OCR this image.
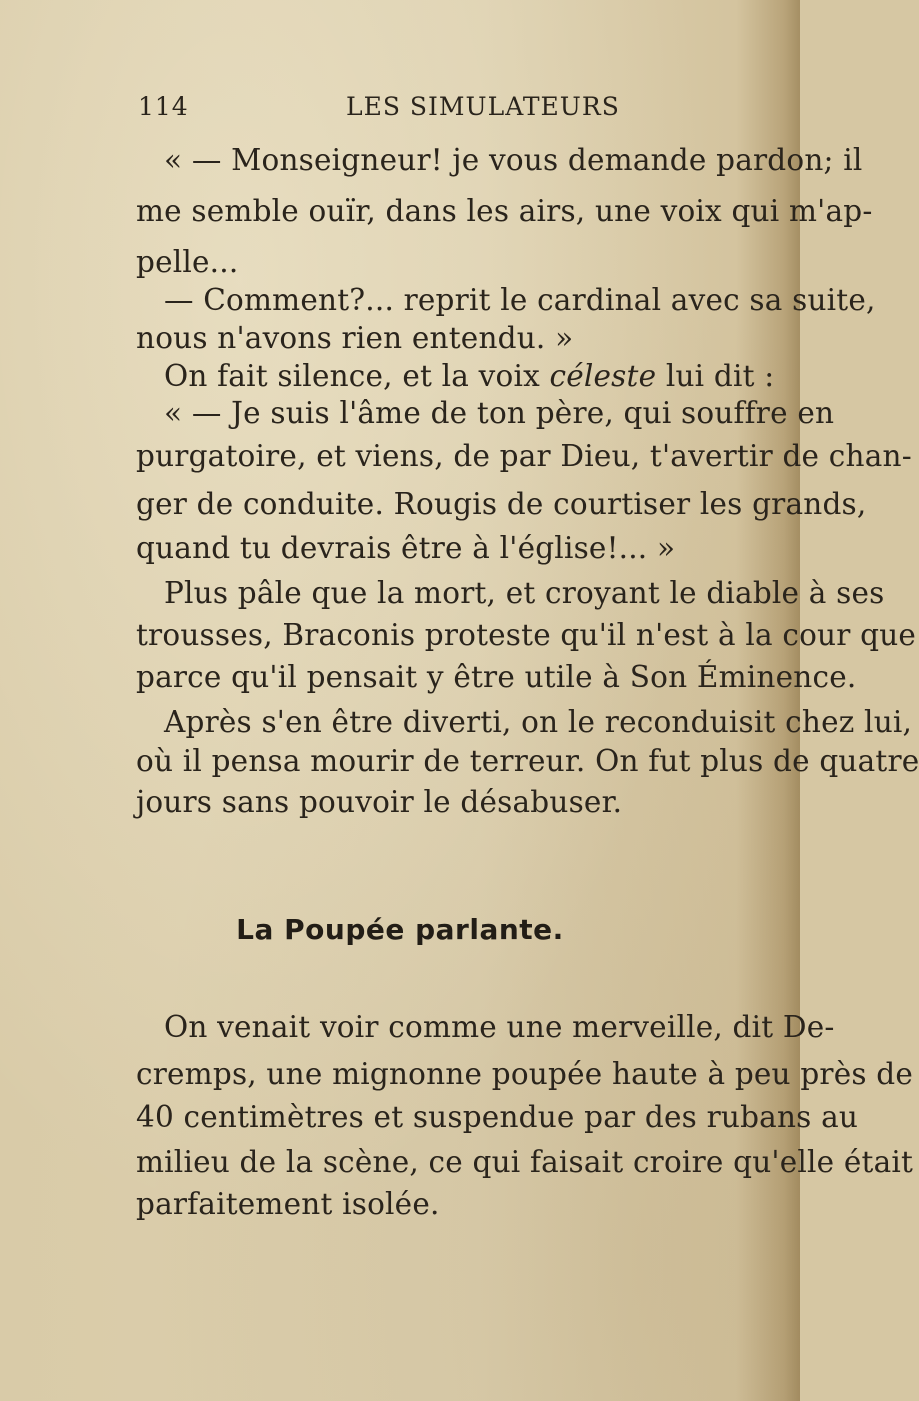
114	LES SIMULATEURS
« — Monseigneur! je vous demande pardon; il
me semble ouïr, dans les airs, une voix qui m'ap-
pelle...
— Comment?... reprit le cardinal avec sa suite,
nous n'avons rien entendu. »
On fait silence, et la voix céleste lui dit :
« — Je suis l'âme de ton père, qui souffre en
purgatoire, et viens, de par Dieu, t'avertir de chan-
ger de conduite. Rougis de courtiser les grands,
quand tu devrais être à l'église!... »
Plus pâle que la mort, et croyant le diable à ses
trousses, Braconis proteste qu'il n'est à la cour que
parce qu'il pensait y être utile à Son Éminence.
Après s'en être diverti, on le reconduisit chez lui,
où il pensa mourir de terreur. On fut plus de quatre
jours sans pouvoir le désabuser.
La Poupée parlante.
On venait voir comme une merveille, dit De-
cremps, une mignonne poupée haute à peu près de
40 centimètres et suspendue par des rubans au
milieu de la scène, ce qui faisait croire qu'elle était
parfaitement isolée.
